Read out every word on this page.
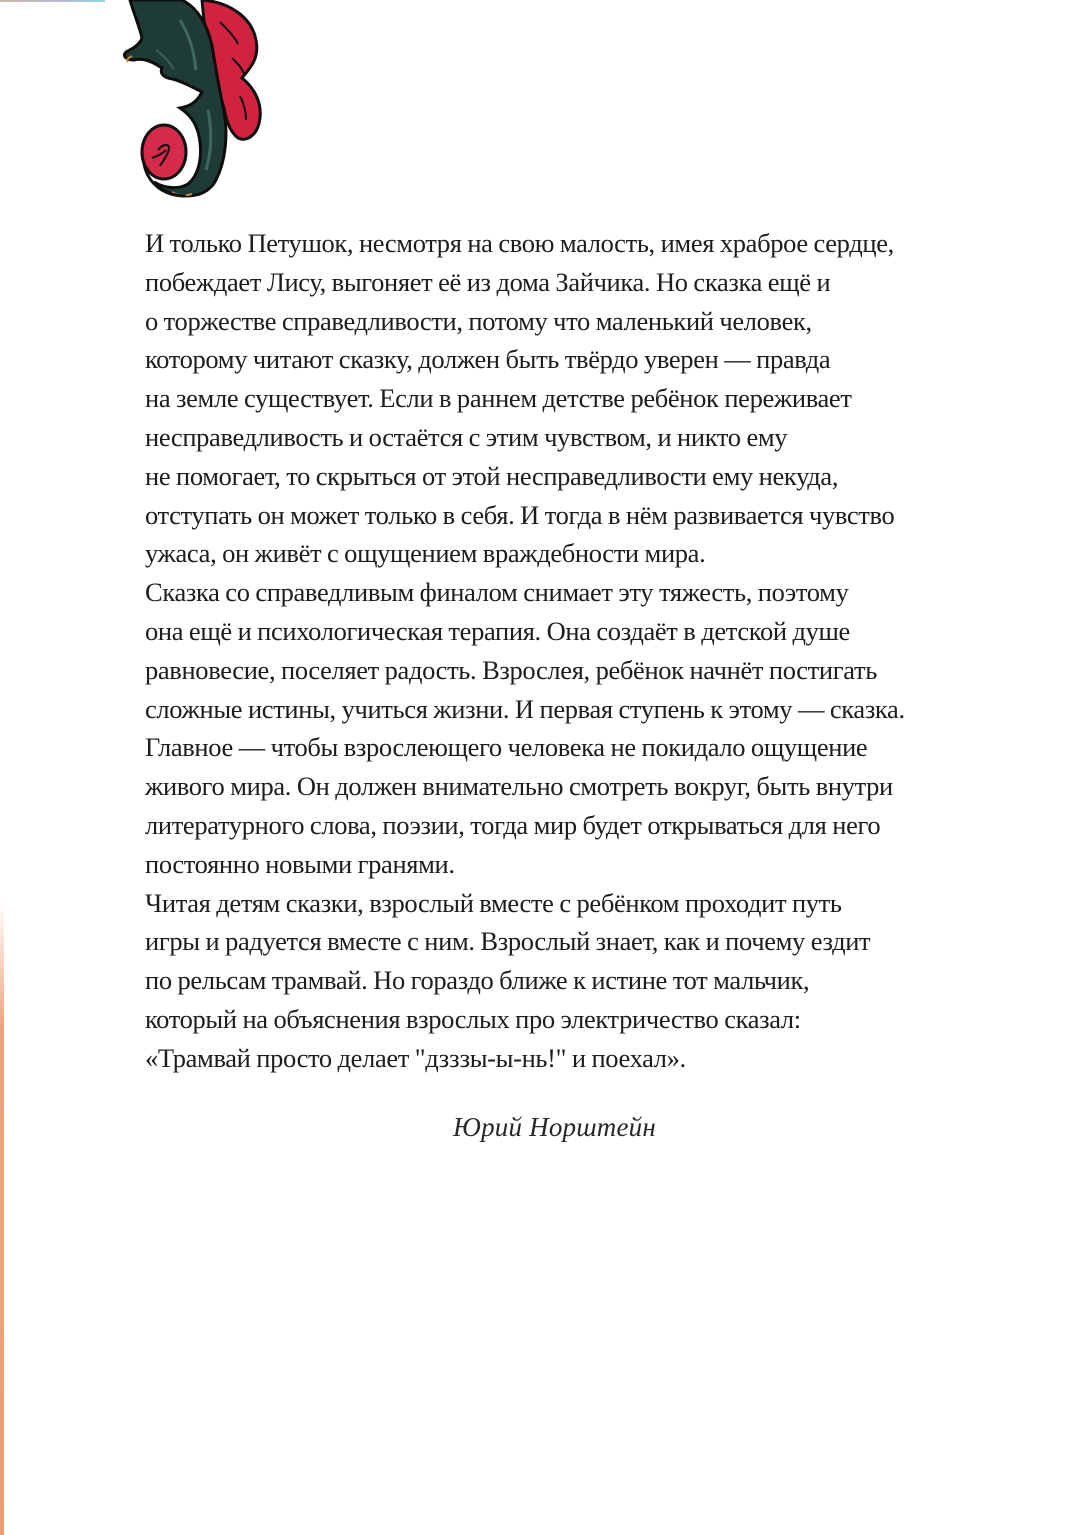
И только Петушок, несмотря на свою малость, имея храброе сердце,
побеждает Лису, выгоняет её из дома Зайчика. Но сказка ещё и
о торжестве справедливости, потому что маленький человек,
которому читают сказку, должен быть твёрдо уверен — правда
на земле существует. Если в раннем детстве ребёнок переживает
несправедливость и остаётся с этим чувством, и никто ему
не помогает, то скрыться от этой несправедливости ему некуда,
отступать он может только в себя. И тогда в нём развивается чувство
ужаса, он живёт с ощущением враждебности мира.
Сказка со справедливым финалом снимает эту тяжесть, поэтому
она ещё и психологическая терапия. Она создаёт в детской душе
равновесие, поселяет радость. Взрослея, ребёнок начнёт постигать
сложные истины, учиться жизни. И первая ступень к этому — сказка.
Главное — чтобы взрослеющего человека не покидало ощущение
живого мира. Он должен внимательно смотреть вокруг, быть внутри
литературного слова, поэзии, тогда мир будет открываться для него
постоянно новыми гранями.
Читая детям сказки, взрослый вместе с ребёнком проходит путь
игры и радуется вместе с ним. Взрослый знает, как и почему ездит
по рельсам трамвай. Но гораздо ближе к истине тот мальчик,
который на объяснения взрослых про электричество сказал:
«Трамвай просто делает "дзззы-ы-нь!" и поехал».
Юрий Норштейн
